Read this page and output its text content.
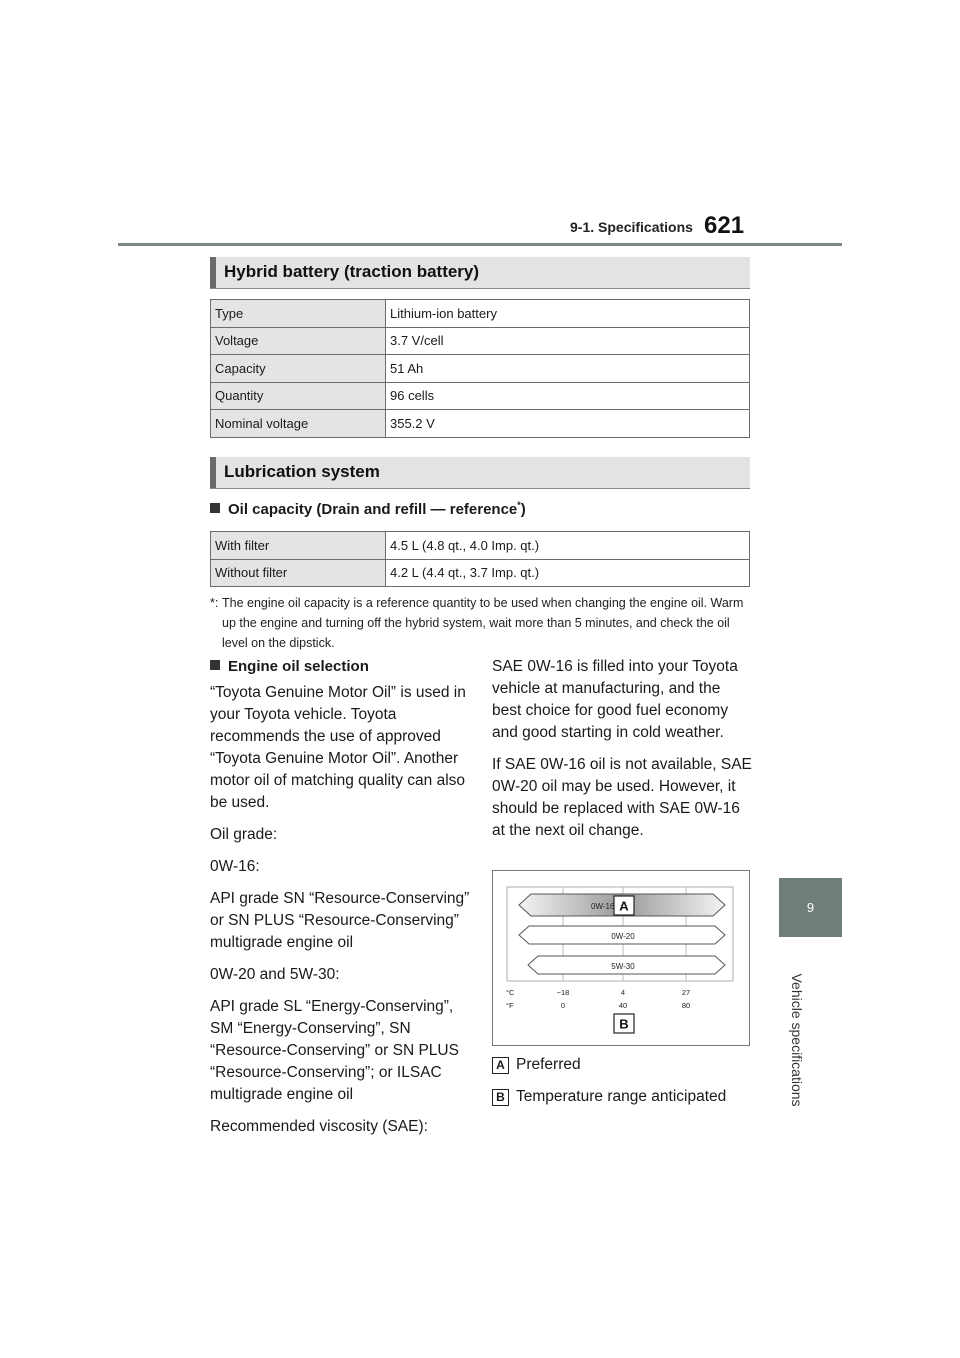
9-1. Specifications 621
9
Vehicle specifications
Hybrid battery (traction battery)
Type	Lithium-ion battery
Voltage	3.7 V/cell
Capacity	51 Ah
Quantity	96 cells
Nominal voltage	355.2 V
Lubrication system
Oil capacity (Drain and refill — reference*)
With filter	4.5 L (4.8 qt., 4.0 Imp. qt.)
Without filter	4.2 L (4.4 qt., 3.7 Imp. qt.)
*: The engine oil capacity is a reference quantity to be used when changing the engine oil. Warm up the engine and turning off the hybrid system, wait more than 5 minutes, and check the oil level on the dipstick.
Engine oil selection

“Toyota Genuine Motor Oil” is used in your Toyota vehicle. Toyota recommends the use of approved “Toyota Genuine Motor Oil”. Another motor oil of matching quality can also be used.

Oil grade:

0W-16:

API grade SN “Resource-Conserving” or SN PLUS “Resource-Conserving” multigrade engine oil

0W-20 and 5W-30:

API grade SL “Energy-Conserving”, SM “Energy-Conserving”, SN “Resource-Conserving” or SN PLUS “Resource-Conserving”; or ILSAC multigrade engine oil

Recommended viscosity (SAE):

SAE 0W-16 is filled into your Toyota vehicle at manufacturing, and the best choice for good fuel economy and good starting in cold weather.

If SAE 0W-16 oil is not available, SAE 0W-20 oil may be used. However, it should be replaced with SAE 0W-16 at the next oil change.

0W-16 A
0W-20
5W-30
°C
°F
−18	4	27
0	40	80
B
A Preferred
B Temperature range anticipated
